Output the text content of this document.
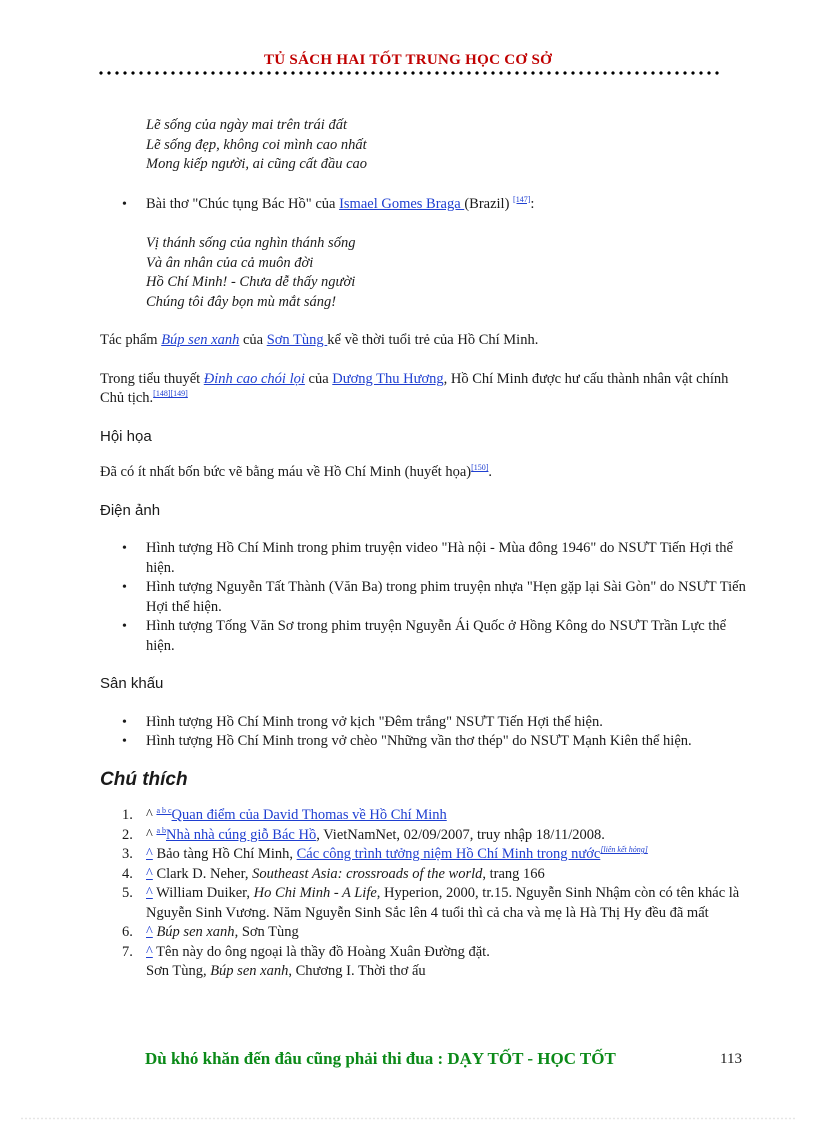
TỦ SÁCH HAI TỐT TRUNG HỌC CƠ SỞ
Lẽ sống của ngày mai trên trái đất
Lẽ sống đẹp, không coi mình cao nhất
Mong kiếp người, ai cũng cất đầu cao
• Bài thơ "Chúc tụng Bác Hồ" của Ismael Gomes Braga (Brazil) [147]:
Vị thánh sống của nghìn thánh sống
Và ân nhân của cả muôn đời
Hồ Chí Minh! - Chưa dễ thấy người
Chúng tôi đây bọn mù mắt sáng!

Tác phẩm Búp sen xanh của Sơn Tùng kể về thời tuổi trẻ của Hồ Chí Minh.

Trong tiểu thuyết Đỉnh cao chói lọi của Dương Thu Hương, Hồ Chí Minh được hư cấu thành nhân vật chính Chủ tịch.[148][149]

Hội họa

Đã có ít nhất bốn bức vẽ bằng máu về Hồ Chí Minh (huyết họa)[150].

Điện ảnh
• Hình tượng Hồ Chí Minh trong phim truyện video "Hà nội - Mùa đông 1946" do NSƯT Tiến Hợi thể hiện.
• Hình tượng Nguyễn Tất Thành (Văn Ba) trong phim truyện nhựa "Hẹn gặp lại Sài Gòn" do NSƯT Tiến Hợi thể hiện.
• Hình tượng Tống Văn Sơ trong phim truyện Nguyễn Ái Quốc ở Hồng Kông do NSƯT Trần Lực thể hiện.
Sân khấu
• Hình tượng Hồ Chí Minh trong vở kịch "Đêm trắng" NSƯT Tiến Hợi thể hiện.
• Hình tượng Hồ Chí Minh trong vở chèo "Những vần thơ thép" do NSƯT Mạnh Kiên thể hiện.
Chú thích
1. ^ $^{a b c}$Quan điểm của David Thomas về Hồ Chí Minh
2. ^ $^{a b}$Nhà nhà cúng giỗ Bác Hồ, VietNamNet, 02/09/2007, truy nhập 18/11/2008.
3. ^ Bảo tàng Hồ Chí Minh, Các công trình tưởng niệm Hồ Chí Minh trong nước[liên kết hỏng]
4. ^ Clark D. Neher, Southeast Asia: crossroads of the world, trang 166
5. ^ William Duiker, Ho Chi Minh - A Life, Hyperion, 2000, tr.15. Nguyễn Sinh Nhậm còn có tên khác là Nguyễn Sinh Vương. Năm Nguyễn Sinh Sắc lên 4 tuổi thì cả cha và mẹ là Hà Thị Hy đều đã mất
6. ^ Búp sen xanh, Sơn Tùng
7. ^ Tên này do ông ngoại là thầy đồ Hoàng Xuân Đường đặt.
Sơn Tùng, Búp sen xanh, Chương I. Thời thơ ấu
Dù khó khăn đến đâu cũng phải thi đua : DẠY TỐT - HỌC TỐT	113
